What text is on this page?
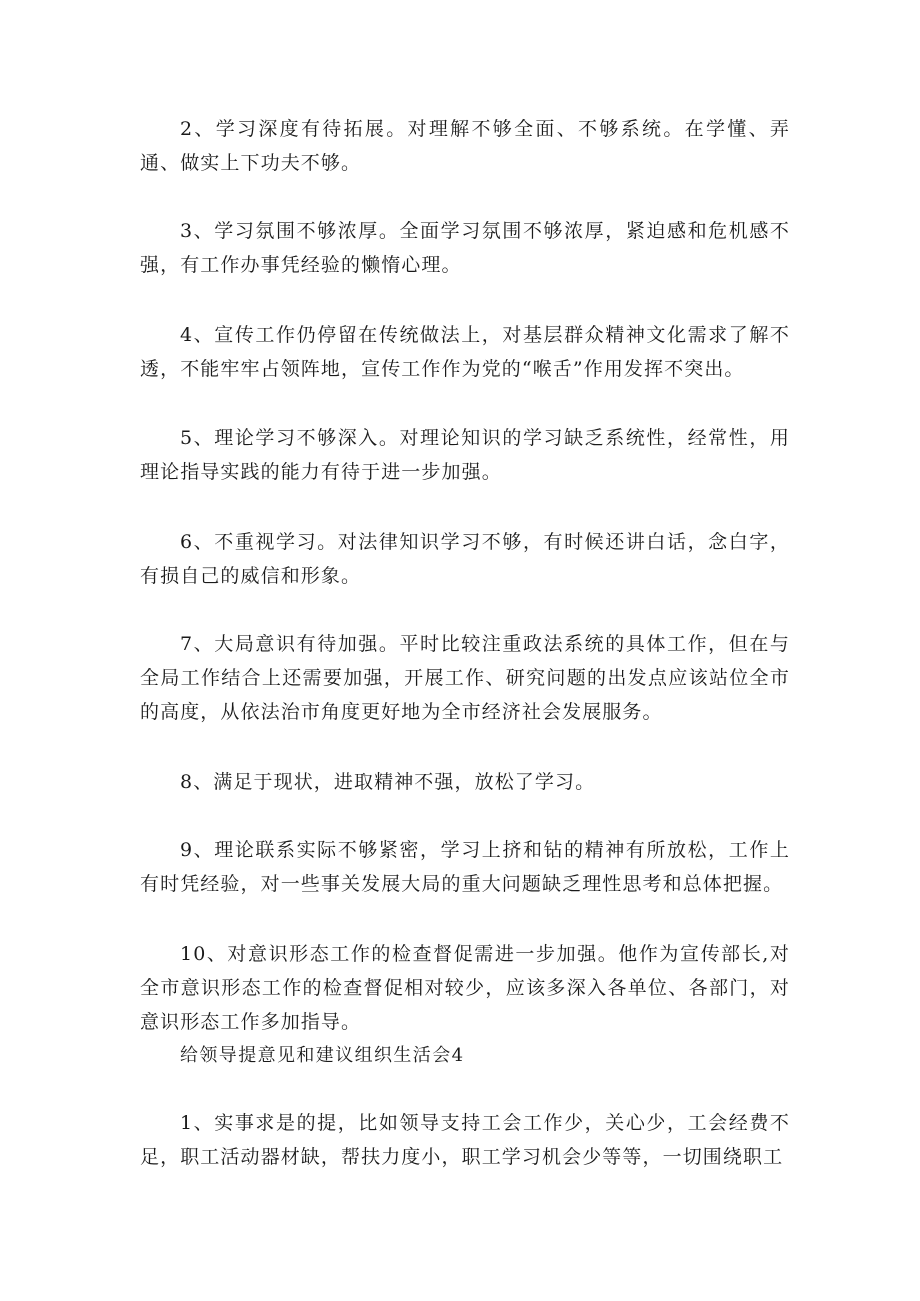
2、学习深度有待拓展。对理解不够全面、不够系统。在学懂、弄通、做实上下功夫不够。

3、学习氛围不够浓厚。全面学习氛围不够浓厚，紧迫感和危机感不强，有工作办事凭经验的懒惰心理。

4、宣传工作仍停留在传统做法上，对基层群众精神文化需求了解不透，不能牢牢占领阵地，宣传工作作为党的“喉舌”作用发挥不突出。

5、理论学习不够深入。对理论知识的学习缺乏系统性，经常性，用理论指导实践的能力有待于进一步加强。

6、不重视学习。对法律知识学习不够，有时候还讲白话，念白字，有损自己的威信和形象。

7、大局意识有待加强。平时比较注重政法系统的具体工作，但在与全局工作结合上还需要加强，开展工作、研究问题的出发点应该站位全市的高度，从依法治市角度更好地为全市经济社会发展服务。

8、满足于现状，进取精神不强，放松了学习。

9、理论联系实际不够紧密，学习上挤和钻的精神有所放松，工作上有时凭经验，对一些事关发展大局的重大问题缺乏理性思考和总体把握。

10、对意识形态工作的检查督促需进一步加强。他作为宣传部长,对全市意识形态工作的检查督促相对较少，应该多深入各单位、各部门，对意识形态工作多加指导。

给领导提意见和建议组织生活会4

1、实事求是的提，比如领导支持工会工作少，关心少，工会经费不足，职工活动器材缺，帮扶力度小，职工学习机会少等等，一切围绕职工
